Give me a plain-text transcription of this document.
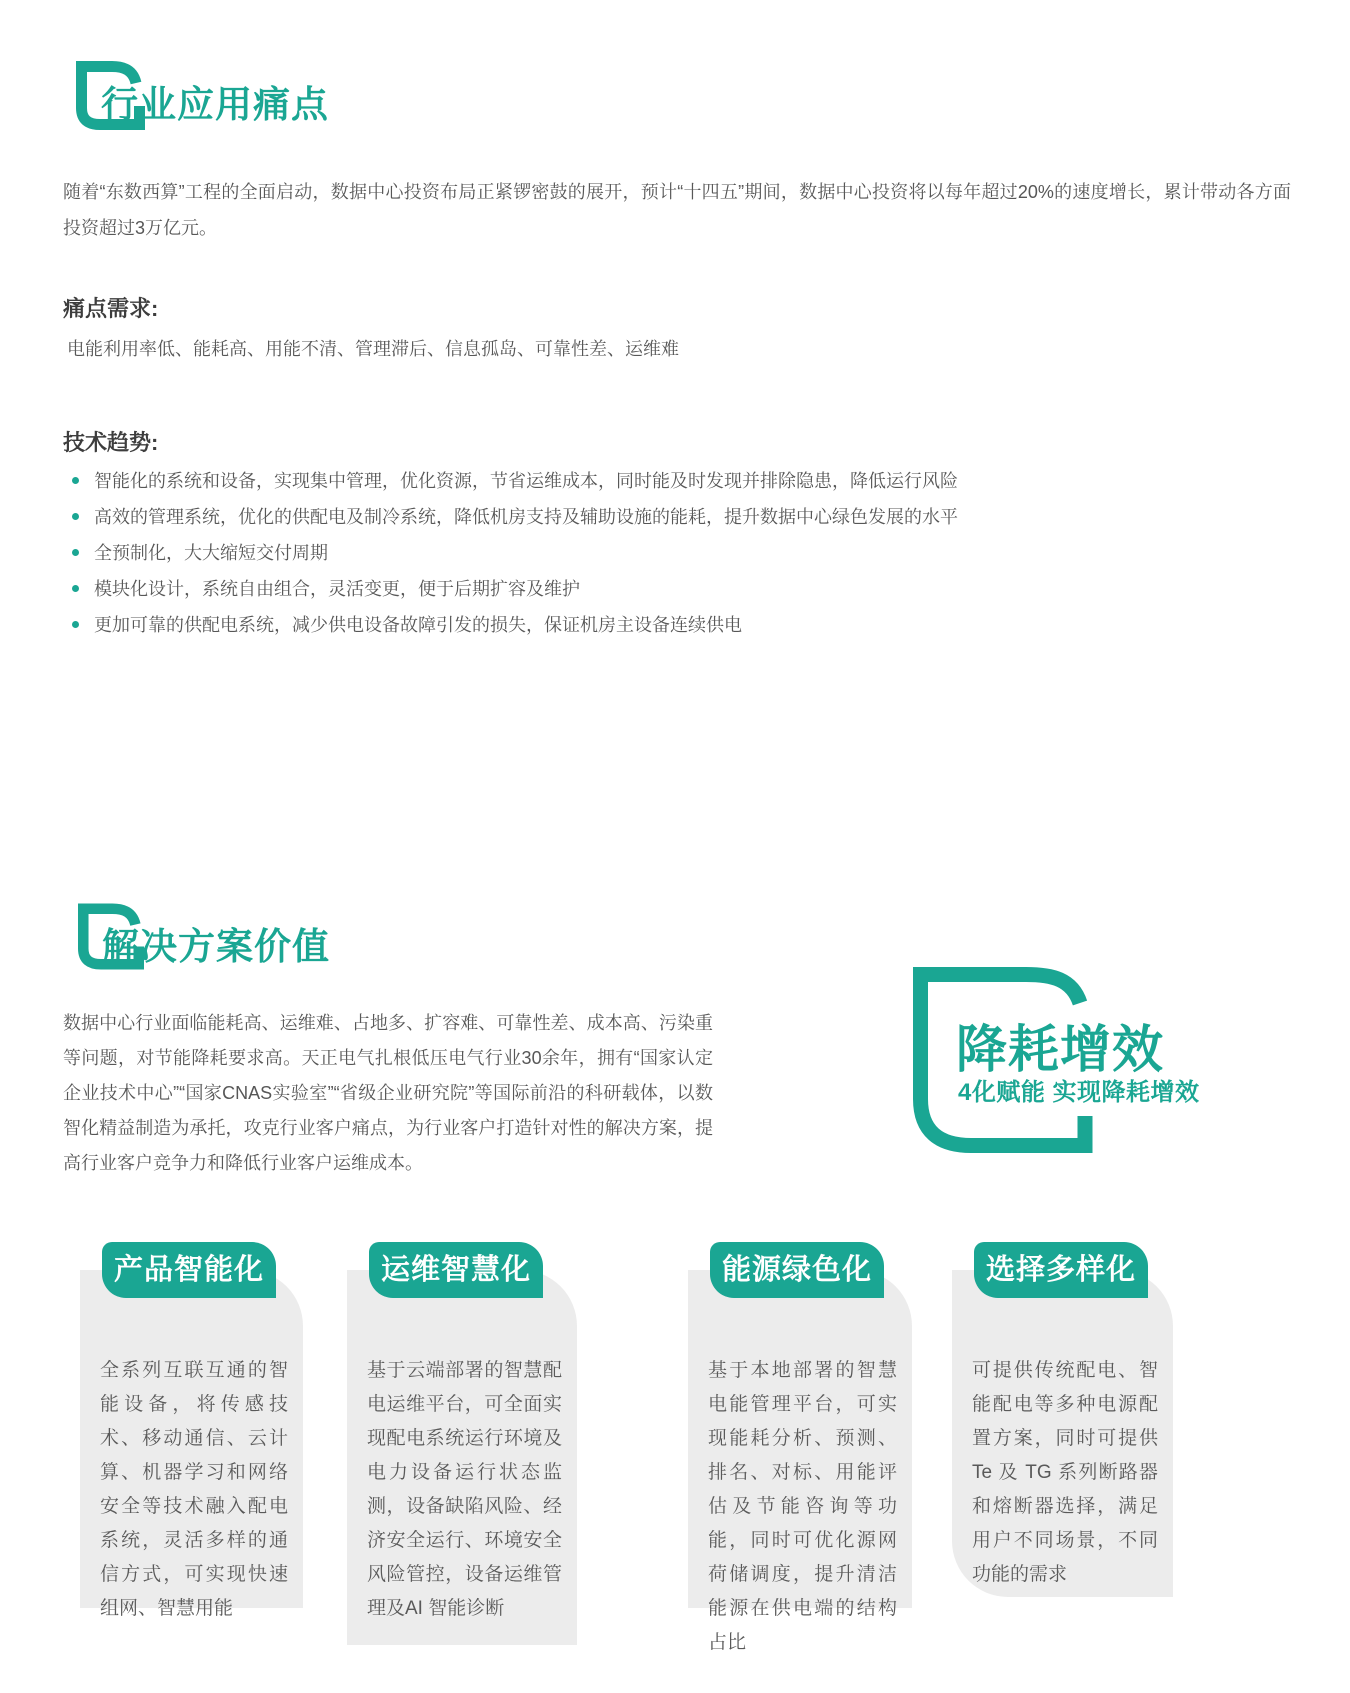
行业应用痛点

随着“东数西算”工程的全面启动，数据中心投资布局正紧锣密鼓的展开，预计“十四五”期间，数据中心投资将以每年超过20%的速度增长，累计带动各方面投资超过3万亿元。

痛点需求:

电能利用率低、能耗高、用能不清、管理滞后、信息孤岛、可靠性差、运维难

技术趋势:
智能化的系统和设备，实现集中管理，优化资源，节省运维成本，同时能及时发现并排除隐患，降低运行风险
高效的管理系统，优化的供配电及制冷系统，降低机房支持及辅助设施的能耗，提升数据中心绿色发展的水平
全预制化，大大缩短交付周期
模块化设计，系统自由组合，灵活变更，便于后期扩容及维护
更加可靠的供配电系统，减少供电设备故障引发的损失，保证机房主设备连续供电
解决方案价值

数据中心行业面临能耗高、运维难、占地多、扩容难、可靠性差、成本高、污染重等问题，对节能降耗要求高。天正电气扎根低压电气行业30余年，拥有“国家认定企业技术中心”“国家CNAS实验室”“省级企业研究院”等国际前沿的科研载体，以数智化精益制造为承托，攻克行业客户痛点，为行业客户打造针对性的解决方案，提高行业客户竞争力和降低行业客户运维成本。

降耗增效
4化赋能 实现降耗增效
产品智能化

全系列互联互通的智能设备，将传感技术、移动通信、云计算、机器学习和网络安全等技术融入配电系统，灵活多样的通信方式，可实现快速组网、智慧用能

运维智慧化

基于云端部署的智慧配电运维平台，可全面实现配电系统运行环境及电力设备运行状态监测，设备缺陷风险、经济安全运行、环境安全风险管控，设备运维管理及AI 智能诊断

能源绿色化

基于本地部署的智慧电能管理平台，可实现能耗分析、预测、排名、对标、用能评估及节能咨询等功能，同时可优化源网荷储调度，提升清洁能源在供电端的结构占比

选择多样化

可提供传统配电、智能配电等多种电源配置方案，同时可提供 Te 及 TG 系列断路器和熔断器选择，满足用户不同场景，不同功能的需求
